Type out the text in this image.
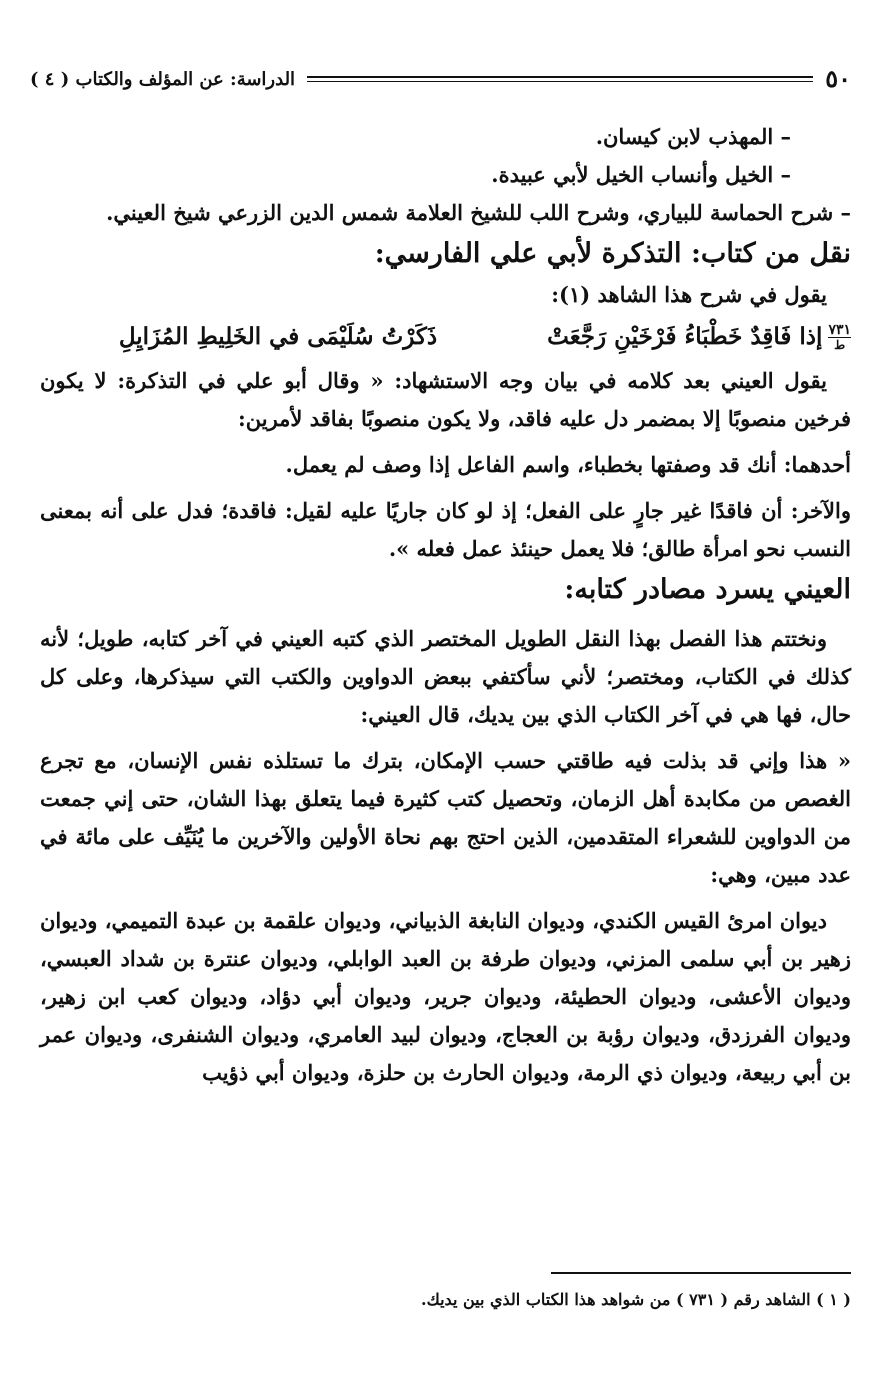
٥٠
الدراسة: عن المؤلف والكتاب ( ٤ )

– المهذب لابن كيسان.

– الخيل وأنساب الخيل لأبي عبيدة.

– شرح الحماسة للبياري، وشرح اللب للشيخ العلامة شمس الدين الزرعي شيخ العيني.

نقل من كتاب: التذكرة لأبي علي الفارسي:

يقول في شرح هذا الشاهد (١):

٧٣١
ط
إذا فَاقِدٌ خَطْبَاءُ فَرْخَيْنِ رَجَّعَتْ
ذَكَرْتُ سُلَيْمَى في الخَلِيطِ المُزَايِلِ

يقول العيني بعد كلامه في بيان وجه الاستشهاد: « وقال أبو علي في التذكرة: لا يكون فرخين منصوبًا إلا بمضمر دل عليه فاقد، ولا يكون منصوبًا بفاقد لأمرين:

أحدهما: أنك قد وصفتها بخطباء، واسم الفاعل إذا وصف لم يعمل.

والآخر: أن فاقدًا غير جارٍ على الفعل؛ إذ لو كان جاريًا عليه لقيل: فاقدة؛ فدل على أنه بمعنى النسب نحو امرأة طالق؛ فلا يعمل حينئذ عمل فعله ».

العيني يسرد مصادر كتابه:

ونختتم هذا الفصل بهذا النقل الطويل المختصر الذي كتبه العيني في آخر كتابه، طويل؛ لأنه كذلك في الكتاب، ومختصر؛ لأني سأكتفي ببعض الدواوين والكتب التي سيذكرها، وعلى كل حال، فها هي في آخر الكتاب الذي بين يديك، قال العيني:

« هذا وإني قد بذلت فيه طاقتي حسب الإمكان، بترك ما تستلذه نفس الإنسان، مع تجرع الغصص من مكابدة أهل الزمان، وتحصيل كتب كثيرة فيما يتعلق بهذا الشان، حتى إني جمعت من الدواوين للشعراء المتقدمين، الذين احتج بهم نحاة الأولين والآخرين ما يُنَيِّف على مائة في عدد مبين، وهي:

ديوان امرئ القيس الكندي، وديوان النابغة الذبياني، وديوان علقمة بن عبدة التميمي، وديوان زهير بن أبي سلمى المزني، وديوان طرفة بن العبد الوابلي، وديوان عنترة بن شداد العبسي، وديوان الأعشى، وديوان الحطيئة، وديوان جرير، وديوان أبي دؤاد، وديوان كعب ابن زهير، وديوان الفرزدق، وديوان رؤبة بن العجاج، وديوان لبيد العامري، وديوان الشنفرى، وديوان عمر بن أبي ربيعة، وديوان ذي الرمة، وديوان الحارث بن حلزة، وديوان أبي ذؤيب

( ١ ) الشاهد رقم ( ٧٣١ ) من شواهد هذا الكتاب الذي بين يديك.
